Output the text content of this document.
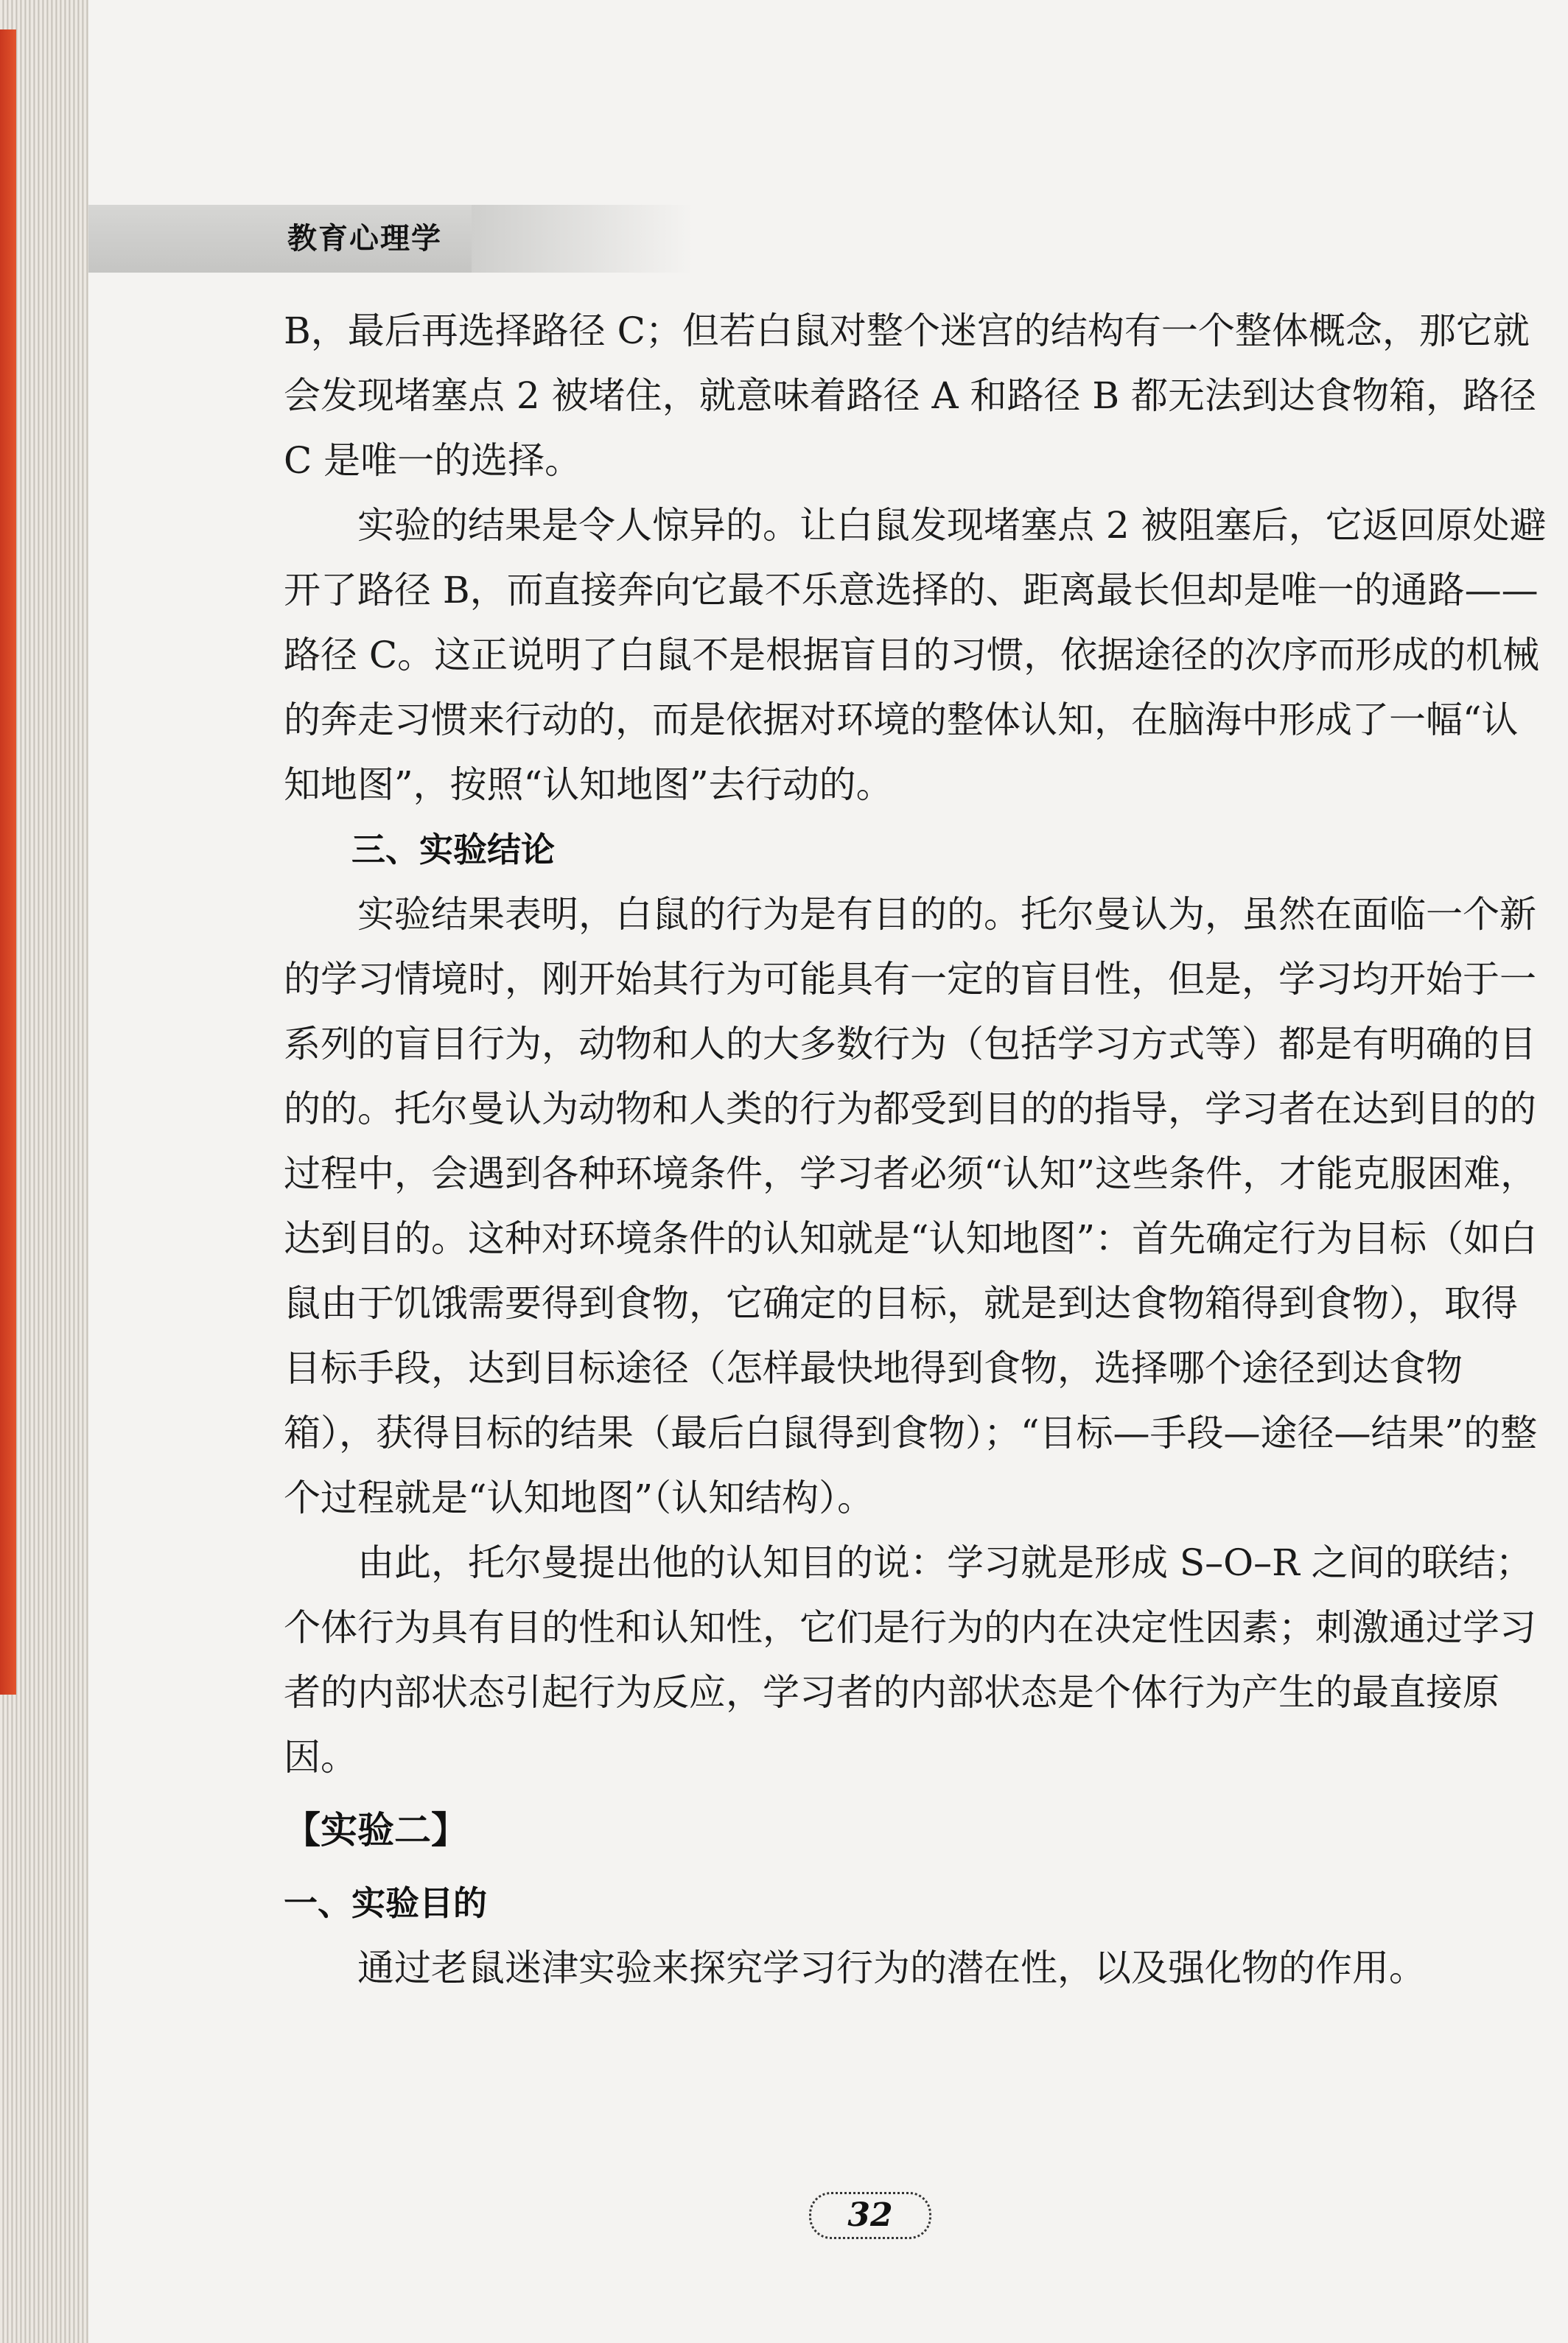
教育心理学

B，最后再选择路径 C；但若白鼠对整个迷宫的结构有一个整体概念，那它就会发现堵塞点 2 被堵住，就意味着路径 A 和路径 B 都无法到达食物箱，路径 C 是唯一的选择。

实验的结果是令人惊异的。让白鼠发现堵塞点 2 被阻塞后，它返回原处避开了路径 B，而直接奔向它最不乐意选择的、距离最长但却是唯一的通路——路径 C。这正说明了白鼠不是根据盲目的习惯，依据途径的次序而形成的机械的奔走习惯来行动的，而是依据对环境的整体认知，在脑海中形成了一幅“认知地图”，按照“认知地图”去行动的。

三、实验结论

实验结果表明，白鼠的行为是有目的的。托尔曼认为，虽然在面临一个新的学习情境时，刚开始其行为可能具有一定的盲目性，但是，学习均开始于一系列的盲目行为，动物和人的大多数行为（包括学习方式等）都是有明确的目的的。托尔曼认为动物和人类的行为都受到目的的指导，学习者在达到目的的过程中，会遇到各种环境条件，学习者必须“认知”这些条件，才能克服困难，达到目的。这种对环境条件的认知就是“认知地图”：首先确定行为目标（如白鼠由于饥饿需要得到食物，它确定的目标，就是到达食物箱得到食物），取得目标手段，达到目标途径（怎样最快地得到食物，选择哪个途径到达食物箱），获得目标的结果（最后白鼠得到食物）；“目标—手段—途径—结果”的整个过程就是“认知地图”（认知结构）。

由此，托尔曼提出他的认知目的说：学习就是形成 S–O–R 之间的联结；个体行为具有目的性和认知性，它们是行为的内在决定性因素；刺激通过学习者的内部状态引起行为反应，学习者的内部状态是个体行为产生的最直接原因。

【实验二】

一、实验目的

通过老鼠迷津实验来探究学习行为的潜在性，以及强化物的作用。

32
